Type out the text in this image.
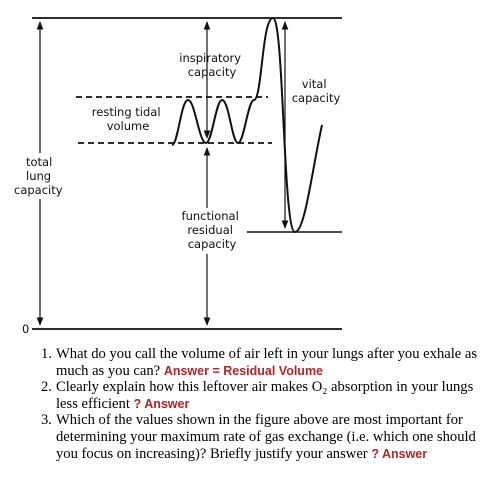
inspiratory capacity
vital capacity
resting tidal volume
total lung capacity
functional residual capacity
0
1. What do you call the volume of air left in your lungs after you exhale as much as you can? Answer = Residual Volume
2. Clearly explain how this leftover air makes O₂ absorption in your lungs less efficient ? Answer
3. Which of the values shown in the figure above are most important for determining your maximum rate of gas exchange (i.e. which one should you focus on increasing)? Briefly justify your answer ? Answer
